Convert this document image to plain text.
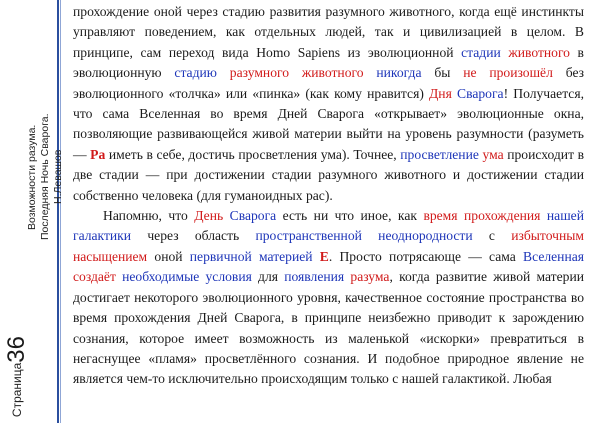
Страница36
Возможности разума. Последняя Ночь Сварога. Н.Левашов

прохождение оной через стадию развития разумного животного, когда ещё инстинкты управляют поведением, как отдельных людей, так и цивилизацией в целом. В принципе, сам переход вида Homo Sapiens из эволюционной стадии животного в эволюционную стадию разумного животного никогда бы не произошёл без эволюционного «толчка» или «пинка» (как кому нравится) Дня Сварога! Получается, что сама Вселенная во время Дней Сварога «открывает» эволюционные окна, позволяющие развивающейся живой материи выйти на уровень разумности (разуметь — Ра иметь в себе, достичь просветления ума). Точнее, просветление ума происходит в две стадии — при достижении стадии разумного животного и достижении стадии собственно человека (для гуманоидных рас).

Напомню, что День Сварога есть ни что иное, как время прохождения нашей галактики через область пространственной неоднородности с избыточным насыщением оной первичной материей E. Просто потрясающе — сама Вселенная создаёт необходимые условия для появления разума, когда развитие живой материи достигает некоторого эволюционного уровня, качественное состояние пространства во время прохождения Дней Сварога, в принципе неизбежно приводит к зарождению сознания, которое имеет возможность из маленькой «искорки» превратиться в негаснущее «пламя» просветлённого сознания. И подобное природное явление не является чем-то исключительно происходящим только с нашей галактикой. Любая
